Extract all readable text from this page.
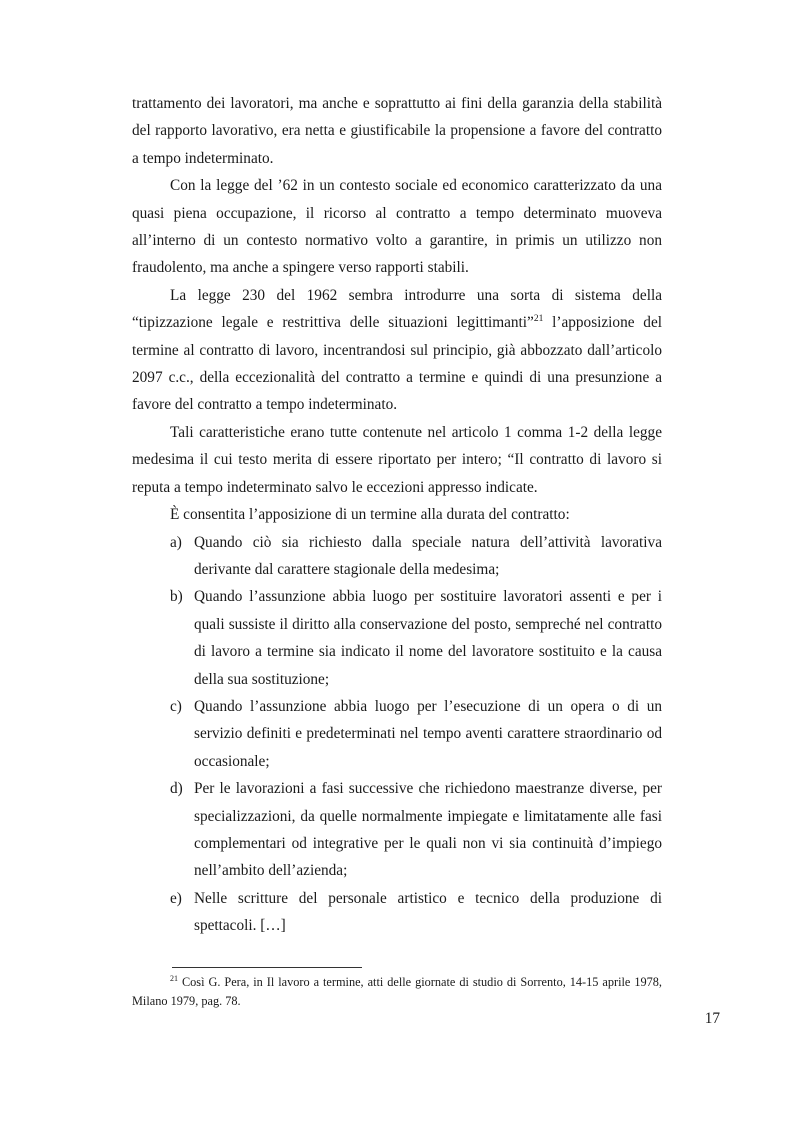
trattamento dei lavoratori, ma anche e soprattutto ai fini della garanzia della stabilità del rapporto lavorativo, era netta e giustificabile la propensione a favore del contratto a tempo indeterminato.

Con la legge del ’62 in un contesto sociale ed economico caratterizzato da una quasi piena occupazione, il ricorso al contratto a tempo determinato muoveva all’interno di un contesto normativo volto a garantire, in primis un utilizzo non fraudolento, ma anche a spingere verso rapporti stabili.

La legge 230 del 1962 sembra introdurre una sorta di sistema della “tipizzazione legale e restrittiva delle situazioni legittimanti”$^{21}$ l’apposizione del termine al contratto di lavoro, incentrandosi sul principio, già abbozzato dall’articolo 2097 c.c., della eccezionalità del contratto a termine e quindi di una presunzione a favore del contratto a tempo indeterminato.

Tali caratteristiche erano tutte contenute nel articolo 1 comma 1-2 della legge medesima il cui testo merita di essere riportato per intero; “Il contratto di lavoro si reputa a tempo indeterminato salvo le eccezioni appresso indicate.

È consentita l’apposizione di un termine alla durata del contratto:

a) Quando ciò sia richiesto dalla speciale natura dell’attività lavorativa derivante dal carattere stagionale della medesima;
b) Quando l’assunzione abbia luogo per sostituire lavoratori assenti e per i quali sussiste il diritto alla conservazione del posto, sempreché nel contratto di lavoro a termine sia indicato il nome del lavoratore sostituito e la causa della sua sostituzione;
c) Quando l’assunzione abbia luogo per l’esecuzione di un opera o di un servizio definiti e predeterminati nel tempo aventi carattere straordinario od occasionale;
d) Per le lavorazioni a fasi successive che richiedono maestranze diverse, per specializzazioni, da quelle normalmente impiegate e limitatamente alle fasi complementari od integrative per le quali non vi sia continuità d’impiego nell’ambito dell’azienda;
e) Nelle scritture del personale artistico e tecnico della produzione di spettacoli. […]
$^{21}$ Così G. Pera, in Il lavoro a termine, atti delle giornate di studio di Sorrento, 14-15 aprile 1978, Milano 1979, pag. 78.
17
